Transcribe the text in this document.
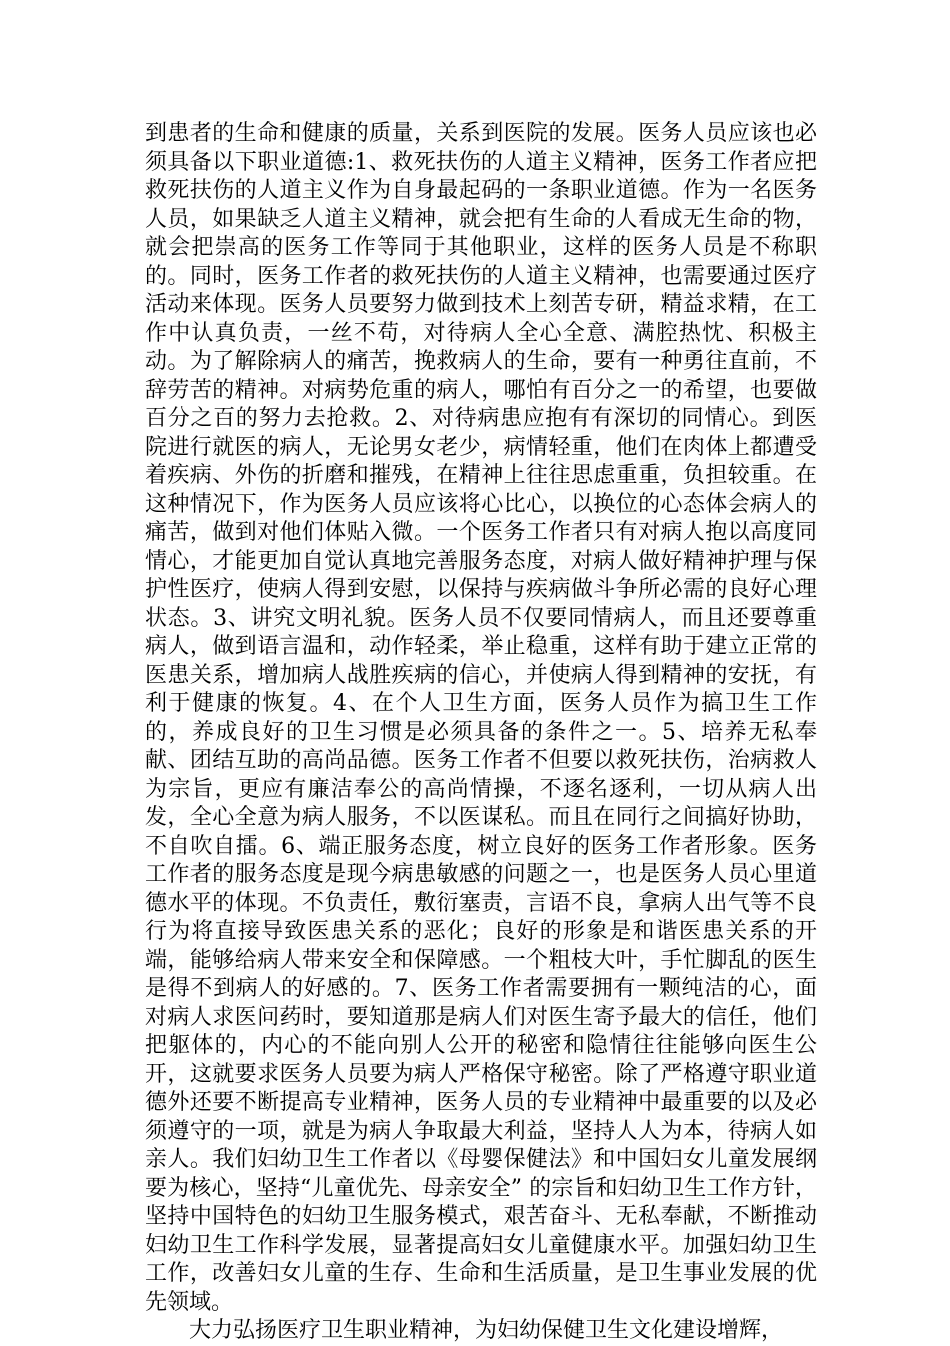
到患者的生命和健康的质量，关系到医院的发展。医务人员应该也必须具备以下职业道德:1、救死扶伤的人道主义精神，医务工作者应把救死扶伤的人道主义作为自身最起码的一条职业道德。作为一名医务人员，如果缺乏人道主义精神，就会把有生命的人看成无生命的物，就会把崇高的医务工作等同于其他职业，这样的医务人员是不称职的。同时，医务工作者的救死扶伤的人道主义精神，也需要通过医疗活动来体现。医务人员要努力做到技术上刻苦专研，精益求精，在工作中认真负责，一丝不苟，对待病人全心全意、满腔热忱、积极主动。为了解除病人的痛苦，挽救病人的生命，要有一种勇往直前，不辞劳苦的精神。对病势危重的病人，哪怕有百分之一的希望，也要做百分之百的努力去抢救。2、对待病患应抱有有深切的同情心。到医院进行就医的病人，无论男女老少，病情轻重，他们在肉体上都遭受着疾病、外伤的折磨和摧残，在精神上往往思虑重重，负担较重。在这种情况下，作为医务人员应该将心比心，以换位的心态体会病人的痛苦，做到对他们体贴入微。一个医务工作者只有对病人抱以高度同情心，才能更加自觉认真地完善服务态度，对病人做好精神护理与保护性医疗，使病人得到安慰，以保持与疾病做斗争所必需的良好心理状态。3、讲究文明礼貌。医务人员不仅要同情病人，而且还要尊重病人，做到语言温和，动作轻柔，举止稳重，这样有助于建立正常的医患关系，增加病人战胜疾病的信心，并使病人得到精神的安抚，有利于健康的恢复。4、在个人卫生方面，医务人员作为搞卫生工作的，养成良好的卫生习惯是必须具备的条件之一。5、培养无私奉献、团结互助的高尚品德。医务工作者不但要以救死扶伤，治病救人为宗旨，更应有廉洁奉公的高尚情操，不逐名逐利，一切从病人出发，全心全意为病人服务，不以医谋私。而且在同行之间搞好协助，不自吹自擂。6、端正服务态度，树立良好的医务工作者形象。医务工作者的服务态度是现今病患敏感的问题之一，也是医务人员心里道德水平的体现。不负责任，敷衍塞责，言语不良，拿病人出气等不良行为将直接导致医患关系的恶化；良好的形象是和谐医患关系的开端，能够给病人带来安全和保障感。一个粗枝大叶，手忙脚乱的医生是得不到病人的好感的。7、医务工作者需要拥有一颗纯洁的心，面对病人求医问药时，要知道那是病人们对医生寄予最大的信任，他们把躯体的，内心的不能向别人公开的秘密和隐情往往能够向医生公开，这就要求医务人员要为病人严格保守秘密。除了严格遵守职业道德外还要不断提高专业精神，医务人员的专业精神中最重要的以及必须遵守的一项，就是为病人争取最大利益，坚持人人为本，待病人如亲人。我们妇幼卫生工作者以《母婴保健法》和中国妇女儿童发展纲要为核心，坚持“儿童优先、母亲安全” 的宗旨和妇幼卫生工作方针，坚持中国特色的妇幼卫生服务模式，艰苦奋斗、无私奉献，不断推动妇幼卫生工作科学发展，显著提高妇女儿童健康水平。加强妇幼卫生工作，改善妇女儿童的生存、生命和生活质量，是卫生事业发展的优先领域。

大力弘扬医疗卫生职业精神，为妇幼保健卫生文化建设增辉，
